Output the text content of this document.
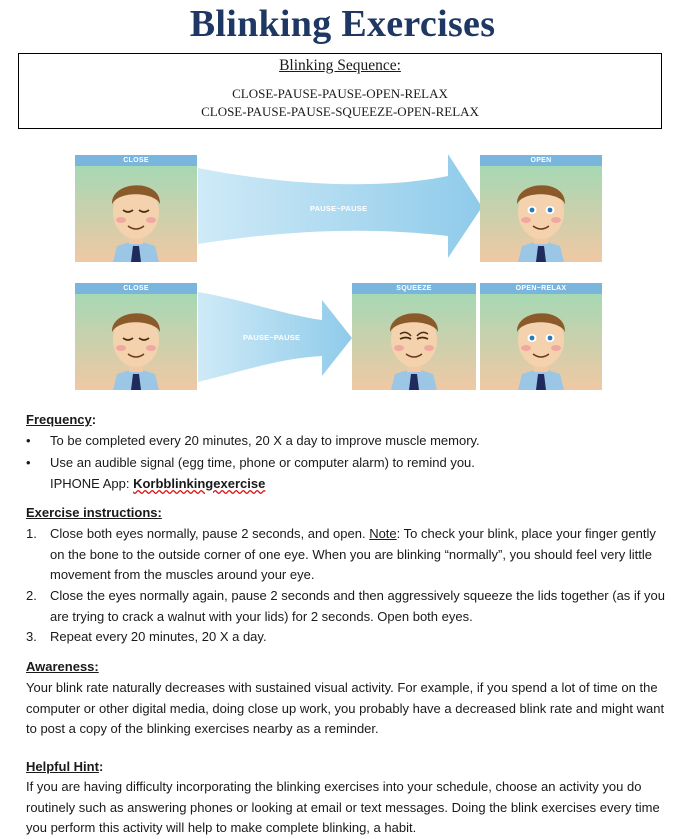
Blinking Exercises
Blinking Sequence:
CLOSE-PAUSE-PAUSE-OPEN-RELAX
CLOSE-PAUSE-PAUSE-SQUEEZE-OPEN-RELAX
PAUSE~PAUSE
PAUSE~PAUSE
CLOSE	OPEN
CLOSE	SQUEEZE	OPEN~RELAX
Frequency:
• To be completed every 20 minutes, 20 X a day to improve muscle memory.
• Use an audible signal (egg time, phone or computer alarm) to remind you.
IPHONE App: Korbblinkingexercise
Exercise instructions:
1. Close both eyes normally, pause 2 seconds, and open. Note: To check your blink, place your finger gently on the bone to the outside corner of one eye. When you are blinking “normally”, you should feel very little movement from the muscles around your eye.
2. Close the eyes normally again, pause 2 seconds and then aggressively squeeze the lids together (as if you are trying to crack a walnut with your lids) for 2 seconds. Open both eyes.
3. Repeat every 20 minutes, 20 X a day.
Awareness:
Your blink rate naturally decreases with sustained visual activity. For example, if you spend a lot of time on the computer or other digital media, doing close up work, you probably have a decreased blink rate and might want to post a copy of the blinking exercises nearby as a reminder.
Helpful Hint:
If you are having difficulty incorporating the blinking exercises into your schedule, choose an activity you do routinely such as answering phones or looking at email or text messages. Doing the blink exercises every time you perform this activity will help to make complete blinking, a habit.
